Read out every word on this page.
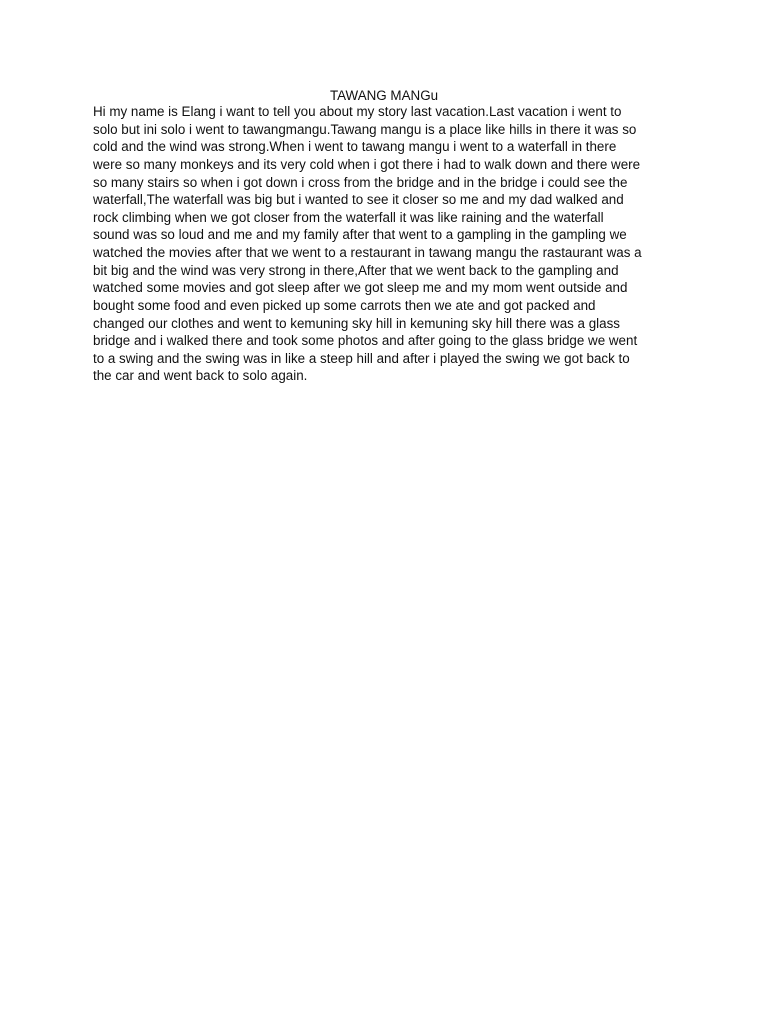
TAWANG MANGu

Hi my name is Elang i want to tell you about my story last vacation.Last vacation i went to
solo but ini solo i went to tawangmangu.Tawang mangu is a place like hills in there it was so
cold and the wind was strong.When i went to tawang mangu i went to a waterfall in there
were so many monkeys and its very cold when i got there i had to walk down and there were
so many stairs so when i got down i cross from the bridge and in the bridge i could see the
waterfall,The waterfall was big but i wanted to see it closer so me and my dad walked and
rock climbing when we got closer from the waterfall it was like raining and the waterfall
sound was so loud and me and my family after that went to a gampling in the gampling we
watched the movies after that we went to a restaurant in tawang mangu the rastaurant was a
bit big and the wind was very strong in there,After that we went back to the gampling and
watched some movies and got sleep after we got sleep me and my mom went outside and
bought some food and even picked up some carrots then we ate and got packed and
changed our clothes and went to kemuning sky hill in kemuning sky hill there was a glass
bridge and i walked there and took some photos and after going to the glass bridge we went
to a swing and the swing was in like a steep hill and after i played the swing we got back to
the car and went back to solo again.
